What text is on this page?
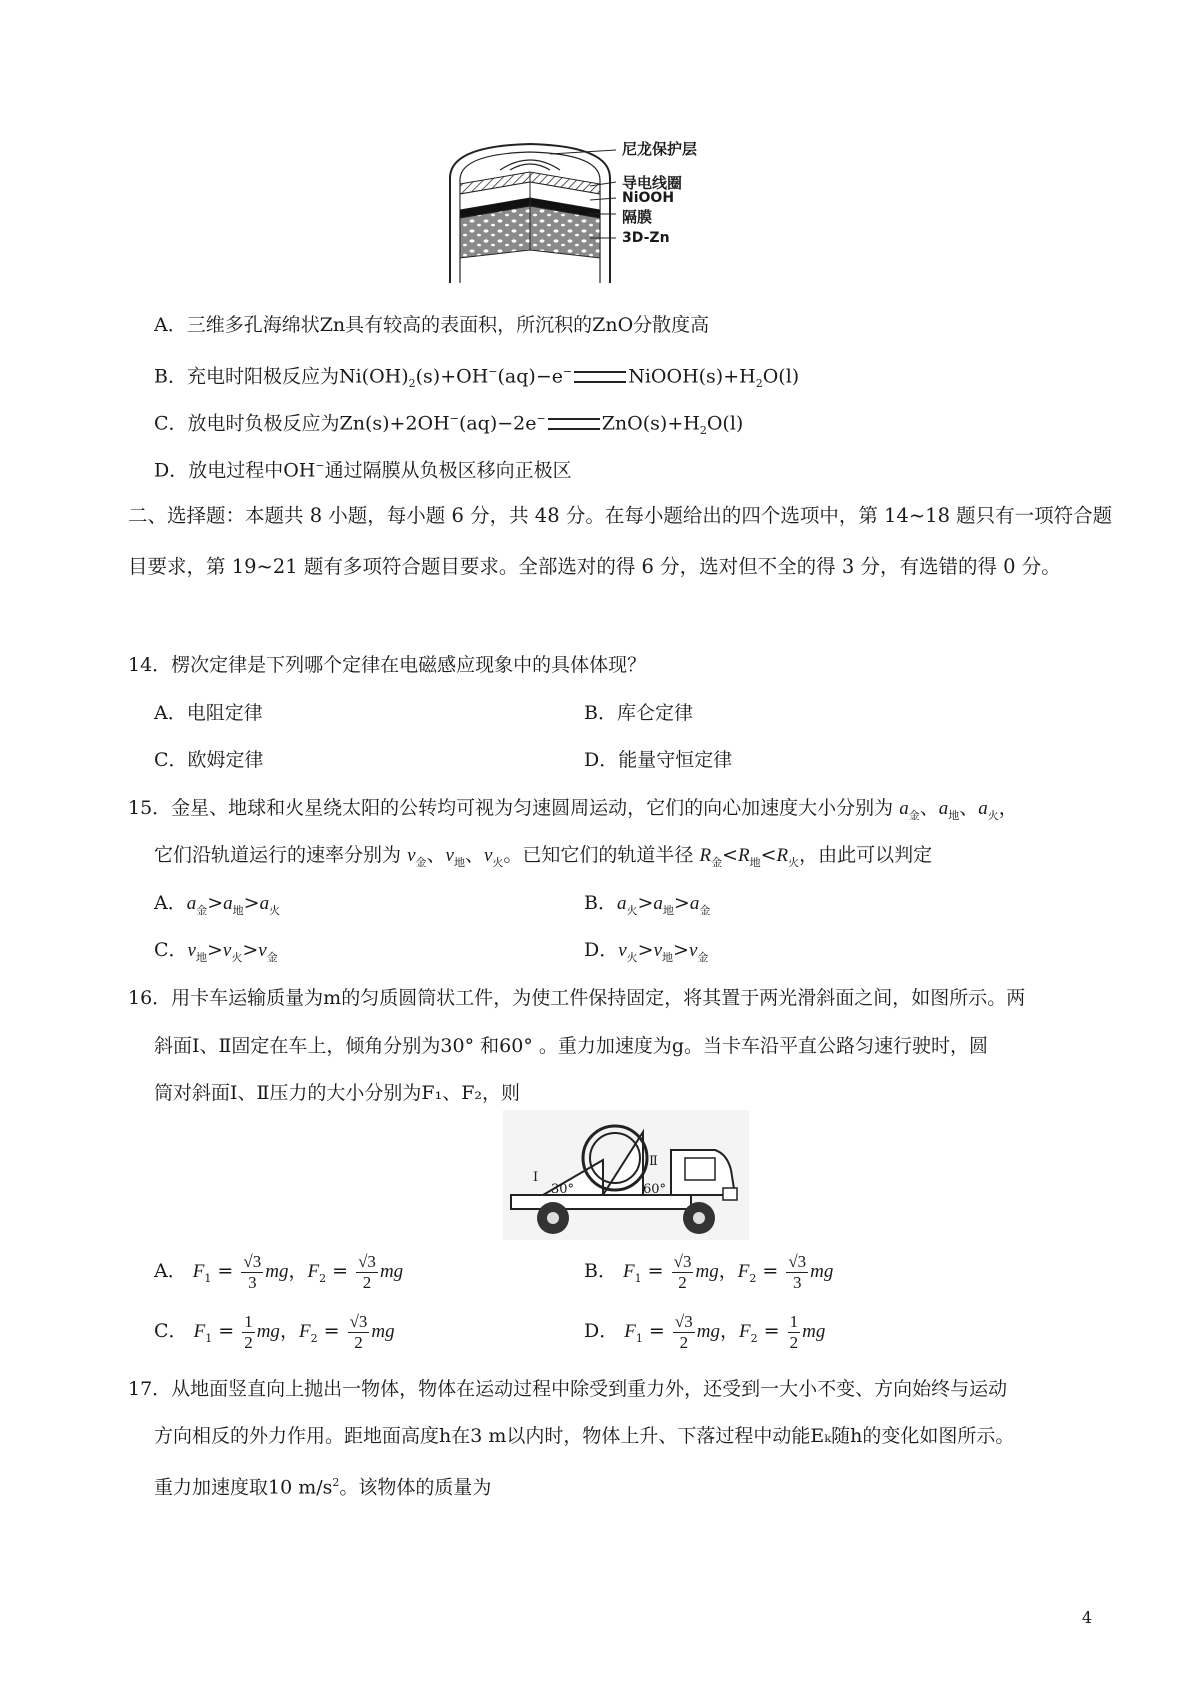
尼龙保护层
导电线圈
NiOOH
隔膜
3D-Zn
A．三维多孔海绵状Zn具有较高的表面积，所沉积的ZnO分散度高
B．充电时阳极反应为$Ni(OH)_2(s)+OH^-(aq)-e^-$	$NiOOH(s)+H_2O(l)$
C．放电时负极反应为Zn(s)+2OH−(aq)−2e−	$ZnO(s)+H_2O(l)$
D．放电过程中OH−通过隔膜从负极区移向正极区
二、选择题：本题共 8 小题，每小题 6 分，共 48 分。在每小题给出的四个选项中，第 14~18 题只有一项符合题目要求，第 19~21 题有多项符合题目要求。全部选对的得 6 分，选对但不全的得 3 分，有选错的得 0 分。
14．楞次定律是下列哪个定律在电磁感应现象中的具体体现？
A．电阻定律	B．库仑定律
C．欧姆定律	D．能量守恒定律
15．金星、地球和火星绕太阳的公转均可视为匀速圆周运动，它们的向心加速度大小分别为 $a_金$、$a_地$、$a_火$，
它们沿轨道运行的速率分别为 $v_金$、$v_地$、$v_火$。已知它们的轨道半径 $R_金<R_地<R_火$，由此可以判定
A．$a_金>a_地>a_火$	B．$a_火>a_地>a_金$
C．$v_地>v_火>v_金$	D．$v_火>v_地>v_金$
16．用卡车运输质量为m的匀质圆筒状工件，为使工件保持固定，将其置于两光滑斜面之间，如图所示。两
斜面Ⅰ、Ⅱ固定在车上，倾角分别为30° 和60° 。重力加速度为g。当卡车沿平直公路匀速行驶时，圆
筒对斜面Ⅰ、Ⅱ压力的大小分别为F₁、F₂，则
Ⅰ
30°
Ⅱ
60°
A． $F_1 = \frac{√3}{3}$ mg，$F_2 = \frac{√3}{2}$ mg	B． $F_1 = \frac{√3}{2}$ mg，$F_2 = \frac{√3}{3}$ mg
C． $F_1 = \frac{1}{2}$ mg，$F_2 = \frac{√3}{2}$ mg	D． $F_1 = \frac{√3}{2}$ mg，$F_2 = \frac{1}{2}$ mg
17．从地面竖直向上抛出一物体，物体在运动过程中除受到重力外，还受到一大小不变、方向始终与运动
方向相反的外力作用。距地面高度h在3 m以内时，物体上升、下落过程中动能Eₖ随h的变化如图所示。
重力加速度取10 $m/s^2$。该物体的质量为
4
